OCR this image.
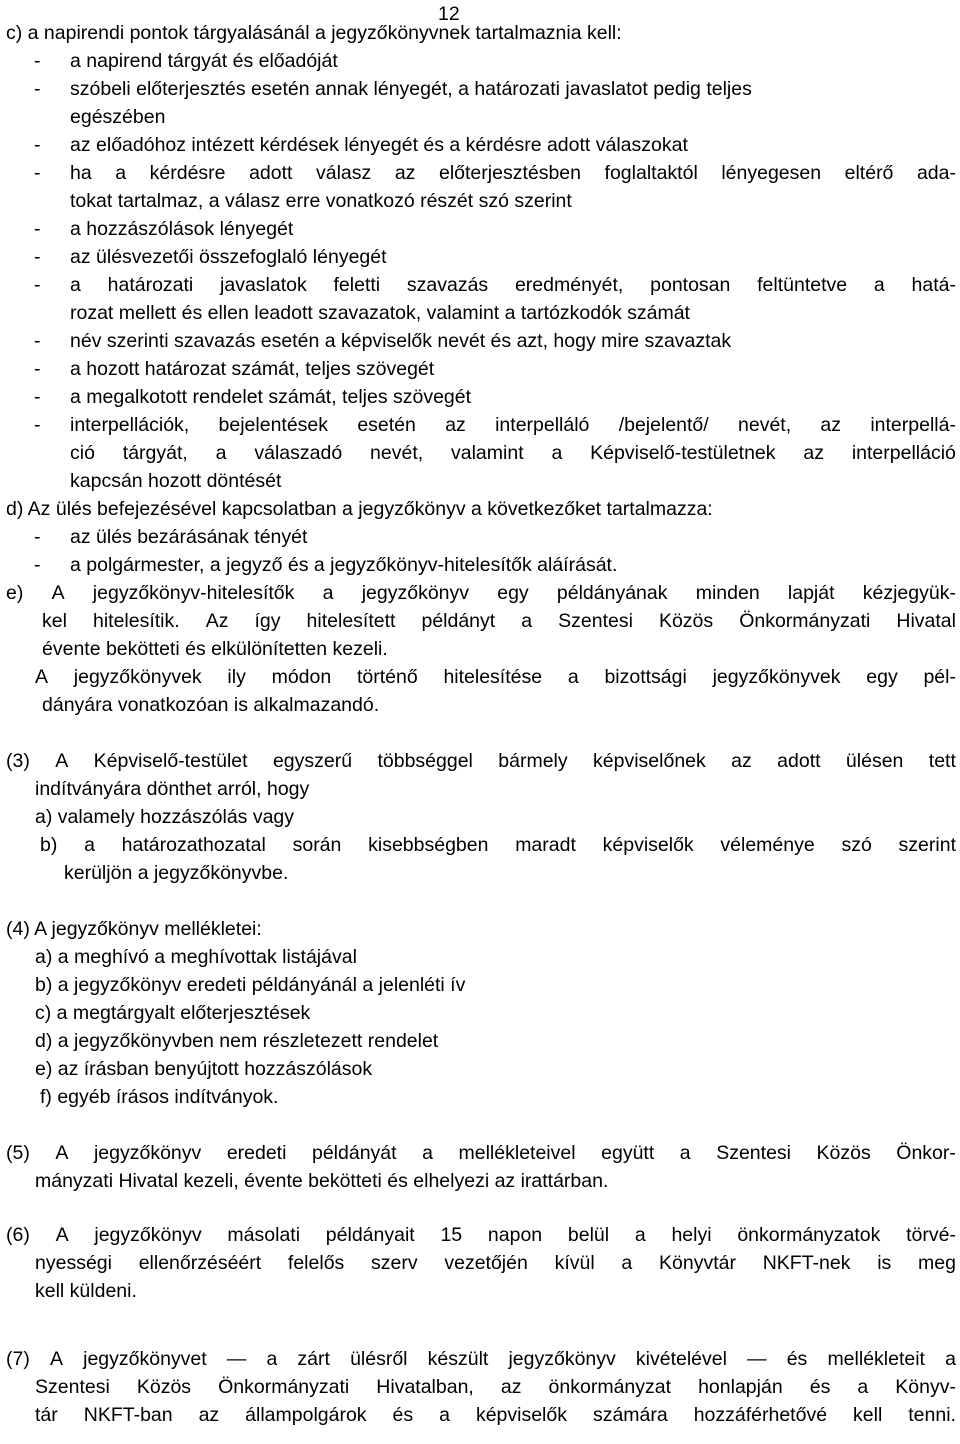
12
c) a napirendi pontok tárgyalásánál a jegyzőkönyvnek tartalmaznia kell:
- a napirend tárgyát és előadóját
- szóbeli előterjesztés esetén annak lényegét, a határozati javaslatot pedig teljes
egészében
- az előadóhoz intézett kérdések lényegét és a kérdésre adott válaszokat
- ha a kérdésre adott válasz az előterjesztésben foglaltaktól lényegesen eltérő ada-
tokat tartalmaz, a válasz erre vonatkozó részét szó szerint
- a hozzászólások lényegét
- az ülésvezetői összefoglaló lényegét
- a határozati javaslatok feletti szavazás eredményét, pontosan feltüntetve a hatá-
rozat mellett és ellen leadott szavazatok, valamint a tartózkodók számát
- név szerinti szavazás esetén a képviselők nevét és azt, hogy mire szavaztak
- a hozott határozat számát, teljes szövegét
- a megalkotott rendelet számát, teljes szövegét
- interpellációk, bejelentések esetén az interpelláló /bejelentő/ nevét, az interpellá-
ció tárgyát, a válaszadó nevét, valamint a Képviselő-testületnek az interpelláció
kapcsán hozott döntését
d) Az ülés befejezésével kapcsolatban a jegyzőkönyv a következőket tartalmazza:
- az ülés bezárásának tényét
- a polgármester, a jegyző és a jegyzőkönyv-hitelesítők aláírását.
e) A jegyzőkönyv-hitelesítők a jegyzőkönyv egy példányának minden lapját kézjegyük-
kel hitelesítik. Az így hitelesített példányt a Szentesi Közös Önkormányzati Hivatal
évente bekötteti és elkülönítetten kezeli.
A jegyzőkönyvek ily módon történő hitelesítése a bizottsági jegyzőkönyvek egy pél-
dányára vonatkozóan is alkalmazandó.
(3) A Képviselő-testület egyszerű többséggel bármely képviselőnek az adott ülésen tett
indítványára dönthet arról, hogy
a) valamely hozzászólás vagy
b) a határozathozatal során kisebbségben maradt képviselők véleménye szó szerint
kerüljön a jegyzőkönyvbe.
(4) A jegyzőkönyv mellékletei:
a) a meghívó a meghívottak listájával
b) a jegyzőkönyv eredeti példányánál a jelenléti ív
c) a megtárgyalt előterjesztések
d) a jegyzőkönyvben nem részletezett rendelet
e) az írásban benyújtott hozzászólások
f) egyéb írásos indítványok.
(5) A jegyzőkönyv eredeti példányát a mellékleteivel együtt a Szentesi Közös Önkor-
mányzati Hivatal kezeli, évente bekötteti és elhelyezi az irattárban.
(6) A jegyzőkönyv másolati példányait 15 napon belül a helyi önkormányzatok törvé-
nyességi ellenőrzéséért felelős szerv vezetőjén kívül a Könyvtár NKFT-nek is meg
kell küldeni.
(7) A jegyzőkönyvet — a zárt ülésről készült jegyzőkönyv kivételével — és mellékleteit a
Szentesi Közös Önkormányzati Hivatalban, az önkormányzat honlapján és a Könyv-
tár NKFT-ban az állampolgárok és a képviselők számára hozzáférhetővé kell tenni.
